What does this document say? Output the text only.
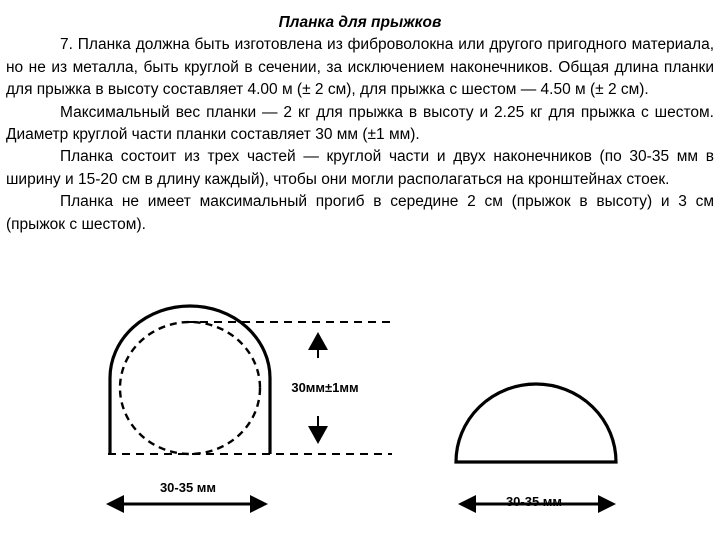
Планка для прыжков

7. Планка должна быть изготовлена из фиброволокна или другого пригодного материала, но не из металла, быть круглой в сечении, за исключением наконечников. Общая длина планки для прыжка в высоту составляет 4.00 м (± 2 см), для прыжка с шестом — 4.50 м (± 2 см).

Максимальный вес планки — 2 кг для прыжка в высоту и 2.25 кг для прыжка с шестом. Диаметр круглой части планки составляет 30 мм (±1 мм).

Планка состоит из трех частей — круглой части и двух наконечников (по 30-35 мм в ширину и 15-20 см в длину каждый), чтобы они могли располагаться на кронштейнах стоек.

Планка не имеет максимальный прогиб в середине 2 см (прыжок в высоту) и 3 см (прыжок с шестом).

30мм±1мм
30-35 мм
30-35 мм
